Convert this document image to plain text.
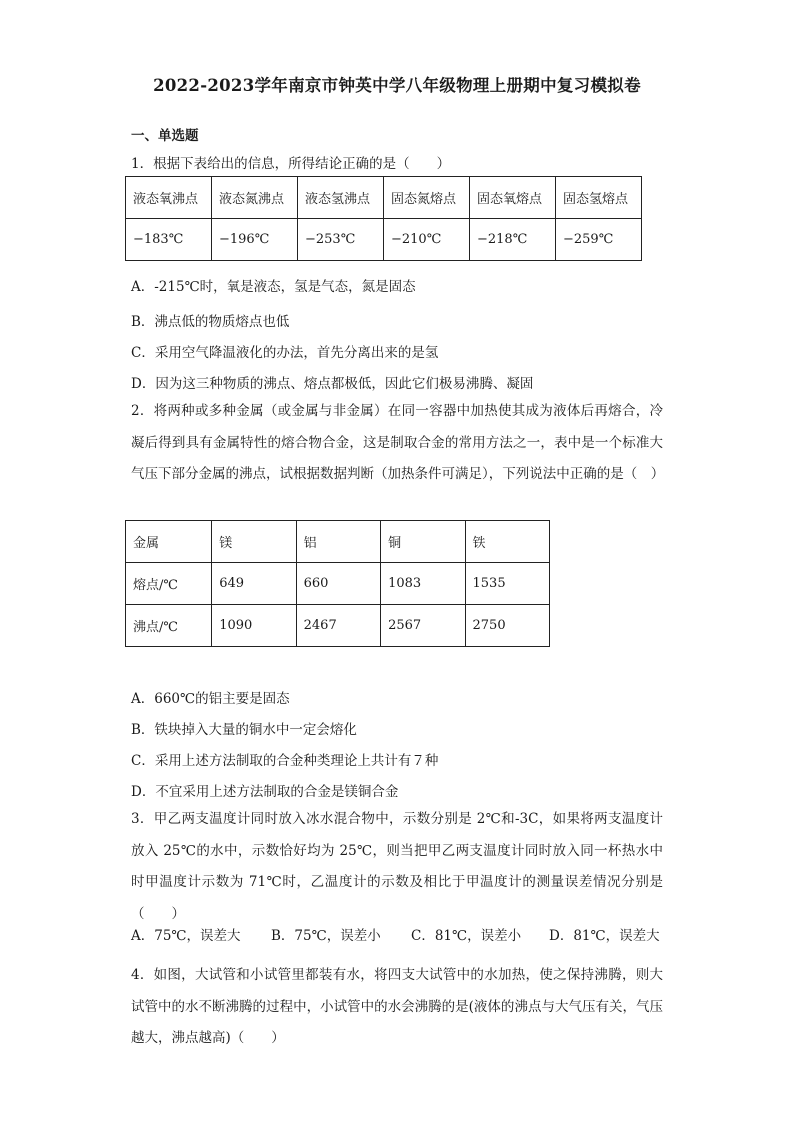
2022-2023学年南京市钟英中学八年级物理上册期中复习模拟卷
一、单选题
1．根据下表给出的信息，所得结论正确的是（　　）
液态氧沸点	液态氮沸点	液态氢沸点	固态氮熔点	固态氧熔点	固态氢熔点
−183℃	−196℃	−253℃	−210℃	−218℃	−259℃
A．-215℃时，氧是液态，氢是气态，氮是固态
B．沸点低的物质熔点也低
C．采用空气降温液化的办法，首先分离出来的是氢
D．因为这三种物质的沸点、熔点都极低，因此它们极易沸腾、凝固
2．将两种或多种金属（或金属与非金属）在同一容器中加热使其成为液体后再熔合，冷凝后得到具有金属特性的熔合物合金，这是制取合金的常用方法之一，表中是一个标准大气压下部分金属的沸点，试根据数据判断（加热条件可满足），下列说法中正确的是（　）
金属	镁	铝	铜	铁
熔点/℃	649	660	1083	1535
沸点/℃	1090	2467	2567	2750
A．660℃的铝主要是固态
B．铁块掉入大量的铜水中一定会熔化
C．采用上述方法制取的合金种类理论上共计有７种
D．不宜采用上述方法制取的合金是镁铜合金
3．甲乙两支温度计同时放入冰水混合物中，示数分别是 2℃和-3C，如果将两支温度计放入 25℃的水中，示数恰好均为 25℃，则当把甲乙两支温度计同时放入同一杯热水中时甲温度计示数为 71℃时，乙温度计的示数及相比于甲温度计的测量误差情况分别是（　　）
A．75℃，误差大	B．75℃，误差小	C．81℃，误差小	D．81℃，误差大
4．如图，大试管和小试管里都装有水，将四支大试管中的水加热，使之保持沸腾，则大试管中的水不断沸腾的过程中，小试管中的水会沸腾的是(液体的沸点与大气压有关，气压越大，沸点越高)（　　）
